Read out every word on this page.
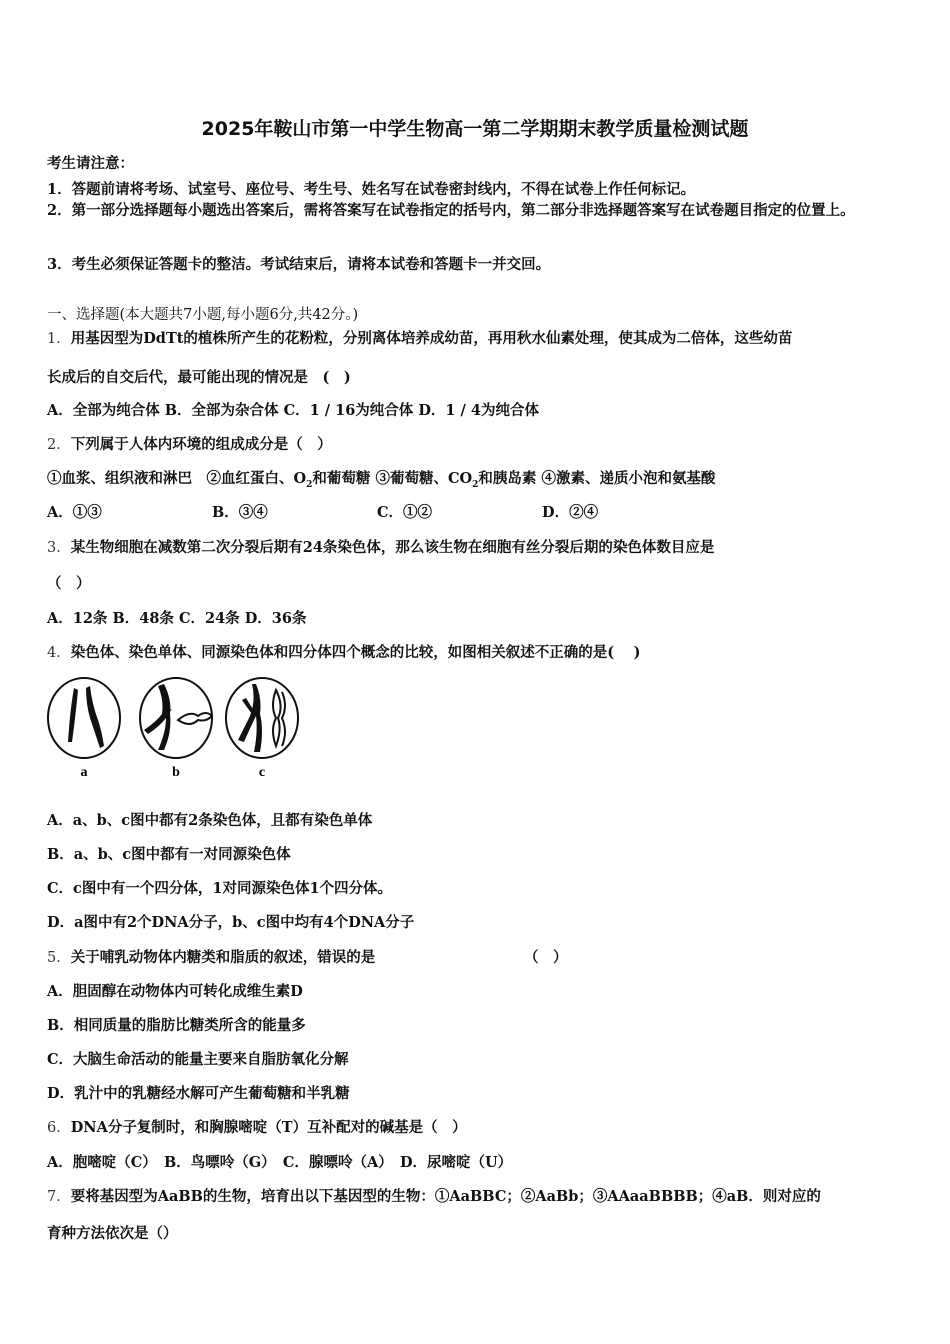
2025年鞍山市第一中学生物高一第二学期期末教学质量检测试题
考生请注意：
1．答题前请将考场、试室号、座位号、考生号、姓名写在试卷密封线内，不得在试卷上作任何标记。
2．第一部分选择题每小题选出答案后，需将答案写在试卷指定的括号内，第二部分非选择题答案写在试卷题目指定的位置上。
3．考生必须保证答题卡的整洁。考试结束后，请将本试卷和答题卡一并交回。
一、选择题(本大题共7小题,每小题6分,共42分。)
1．用基因型为DdTt的植株所产生的花粉粒，分别离体培养成幼苗，再用秋水仙素处理，使其成为二倍体，这些幼苗
长成后的自交后代，最可能出现的情况是　(　)
A．全部为纯合体 B．全部为杂合体 C．1 / 16为纯合体 D．1 / 4为纯合体
2．下列属于人体内环境的组成成分是（　）
①血浆、组织液和淋巴　②血红蛋白、$O_2$和葡萄糖 ③葡萄糖、$CO_2$和胰岛素 ④激素、递质小泡和氨基酸
A．①③	B．③④	C．①②	D．②④
3．某生物细胞在减数第二次分裂后期有24条染色体，那么该生物在细胞有丝分裂后期的染色体数目应是
（　）
A．12条 B．48条 C．24条 D．36条
4．染色体、染色单体、同源染色体和四分体四个概念的比较，如图相关叙述不正确的是(　 )
a	b	c
A．a、b、c图中都有2条染色体，且都有染色单体
B．a、b、c图中都有一对同源染色体
C．c图中有一个四分体，1对同源染色体1个四分体。
D．a图中有2个DNA分子，b、c图中均有4个DNA分子
5．关于哺乳动物体内糖类和脂质的叙述，错误的是	（　）
A．胆固醇在动物体内可转化成维生素D
B．相同质量的脂肪比糖类所含的能量多
C．大脑生命活动的能量主要来自脂肪氧化分解
D．乳汁中的乳糖经水解可产生葡萄糖和半乳糖
6．DNA分子复制时，和胸腺嘧啶（T）互补配对的碱基是（　）
A．胞嘧啶（C）　B．鸟嘌呤（G）　C．腺嘌呤（A）　D．尿嘧啶（U）
7．要将基因型为AaBB的生物，培育出以下基因型的生物：①AaBBC；②AaBb；③AAaaBBBB；④aB．则对应的
育种方法依次是（）
